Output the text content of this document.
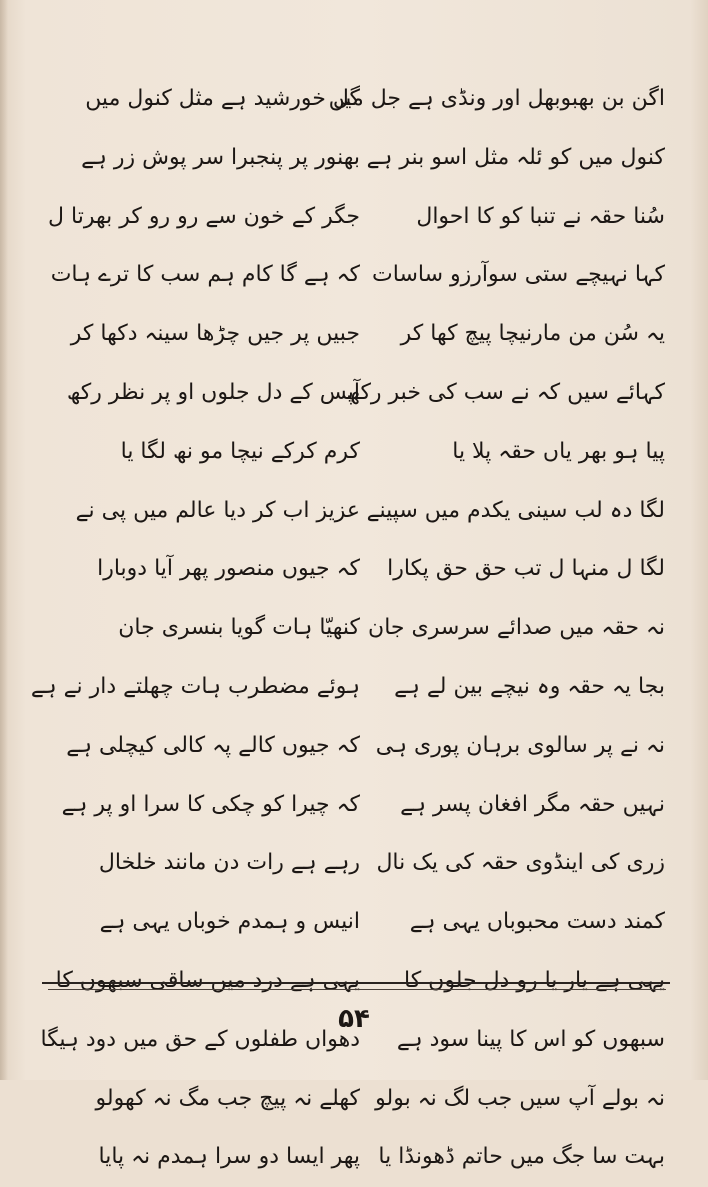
اگن بن بھبوبھل اور ونڈی ہے جل میں
کنول میں کو ئلہ مثل اسو بنر ہے
سُنا حقہ نے تنبا کو کا احوال
کہا نہیچے ستی سوآرزو ساسات
یہ سُن من مارنیچا پیچ کھا کر
کہائے سیں کہ نے سب کی خبر رکھ
پیا ہو بھر یاں حقہ پلا یا
لگا دہ لب سینی یکدم میں سپینے
لگا ل منہا ل تب حق حق پکارا
نہ حقہ میں صدائے سرسری جان
بجا یہ حقہ وہ نیچے بین لے ہے
نہ نے پر سالوی برہان پوری ہی
نہیں حقہ مگر افغان پسر ہے
زری کی اینڈوی حقہ کی یک نال
کمند دست محبوباں یہی ہے
یہی ہے یار یا رو دل جلوں کا
سبھوں کو اس کا پینا سود ہے
نہ بولے آپ سیں جب لگ نہ بولو
بہت سا جگ میں حاتم ڈھونڈا یا
گل خورشید ہے مثل کنول میں
بھنور پر پنجبرا سر پوش زر ہے
جگر کے خون سے رو رو کر بھرتا ل
کہ ہے گا کام ہم سب کا ترے ہات
جبیں پر جیں چڑھا سینہ دکھا کر
آپس کے دل جلوں او پر نظر رکھ
کرم کرکے نیچا مو نھ لگا یا
عزیز اب کر دیا عالم میں پی نے
کہ جیوں منصور پھر آیا دوبارا
کنھیّا ہات گویا بنسری جان
ہوئے مضطرب ہات چھلتے دار نے ہے
کہ جیوں کالے پہ کالی کیچلی ہے
کہ چیرا کو چکی کا سرا او پر ہے
رہے ہے رات دن مانند خلخال
انیس و ہمدم خوباں یہی ہے
یہی ہے درد میں ساقی سبھوں کا
دھواں طفلوں کے حق میں دود ہیگا
کھلے نہ پیچ جب مگ نہ کھولو
پھر ایسا دو سرا ہمدم نہ پایا
۵۴
